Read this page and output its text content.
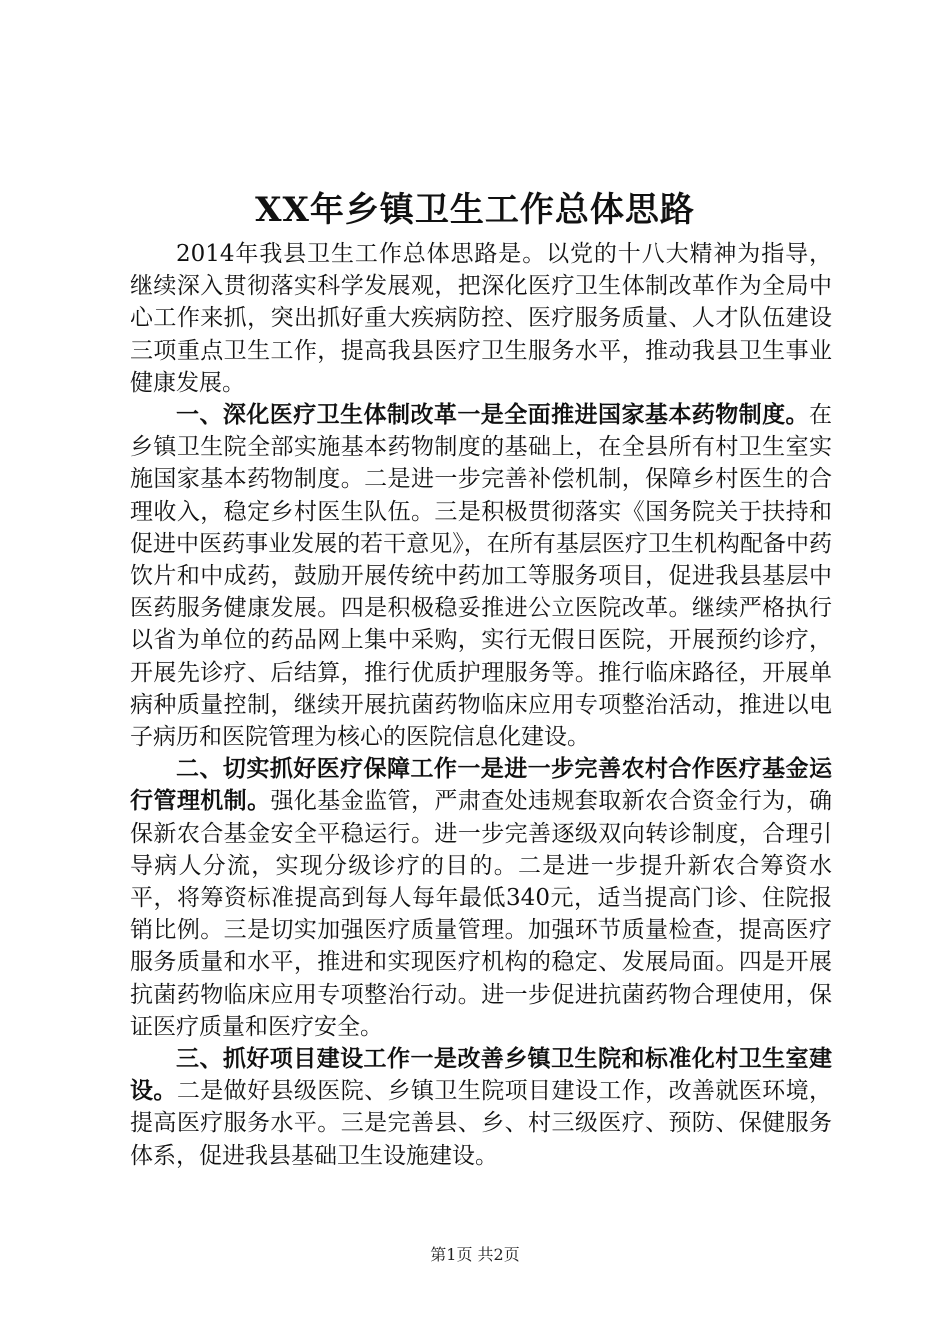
XX年乡镇卫生工作总体思路

2014年我县卫生工作总体思路是。以党的十八大精神为指导，继续深入贯彻落实科学发展观，把深化医疗卫生体制改革作为全局中心工作来抓，突出抓好重大疾病防控、医疗服务质量、人才队伍建设三项重点卫生工作，提高我县医疗卫生服务水平，推动我县卫生事业健康发展。

一、深化医疗卫生体制改革一是全面推进国家基本药物制度。在乡镇卫生院全部实施基本药物制度的基础上，在全县所有村卫生室实施国家基本药物制度。二是进一步完善补偿机制，保障乡村医生的合理收入，稳定乡村医生队伍。三是积极贯彻落实《国务院关于扶持和促进中医药事业发展的若干意见》，在所有基层医疗卫生机构配备中药饮片和中成药，鼓励开展传统中药加工等服务项目，促进我县基层中医药服务健康发展。四是积极稳妥推进公立医院改革。继续严格执行以省为单位的药品网上集中采购，实行无假日医院，开展预约诊疗，开展先诊疗、后结算，推行优质护理服务等。推行临床路径，开展单病种质量控制，继续开展抗菌药物临床应用专项整治活动，推进以电子病历和医院管理为核心的医院信息化建设。

二、切实抓好医疗保障工作一是进一步完善农村合作医疗基金运行管理机制。强化基金监管，严肃查处违规套取新农合资金行为，确保新农合基金安全平稳运行。进一步完善逐级双向转诊制度，合理引导病人分流，实现分级诊疗的目的。二是进一步提升新农合筹资水平，将筹资标准提高到每人每年最低340元，适当提高门诊、住院报销比例。三是切实加强医疗质量管理。加强环节质量检查，提高医疗服务质量和水平，推进和实现医疗机构的稳定、发展局面。四是开展抗菌药物临床应用专项整治行动。进一步促进抗菌药物合理使用，保证医疗质量和医疗安全。

三、抓好项目建设工作一是改善乡镇卫生院和标准化村卫生室建设。二是做好县级医院、乡镇卫生院项目建设工作，改善就医环境，提高医疗服务水平。三是完善县、乡、村三级医疗、预防、保健服务体系，促进我县基础卫生设施建设。

第1页 共2页
